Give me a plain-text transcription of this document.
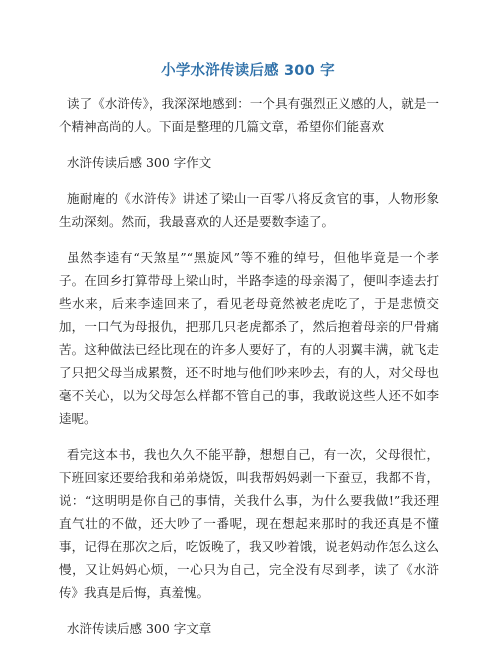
小学水浒传读后感 300 字

读了《水浒传》，我深深地感到：一个具有强烈正义感的人，就是一个精神高尚的人。下面是整理的几篇文章，希望你们能喜欢

水浒传读后感 300 字作文

施耐庵的《水浒传》讲述了梁山一百零八将反贪官的事，人物形象生动深刻。然而，我最喜欢的人还是要数李逵了。

虽然李逵有“天煞星”“黑旋风”等不雅的绰号，但他毕竟是一个孝子。在回乡打算带母上梁山时，半路李逵的母亲渴了，便叫李逵去打些水来，后来李逵回来了，看见老母竟然被老虎吃了，于是悲愤交加，一口气为母报仇，把那几只老虎都杀了，然后抱着母亲的尸骨痛苦。这种做法已经比现在的许多人要好了，有的人羽翼丰满，就飞走了只把父母当成累赘，还不时地与他们吵来吵去，有的人，对父母也毫不关心，以为父母怎么样都不管自己的事，我敢说这些人还不如李逵呢。

看完这本书，我也久久不能平静，想想自己，有一次，父母很忙，下班回家还要给我和弟弟烧饭，叫我帮妈妈剥一下蚕豆，我都不肯，说：“这明明是你自己的事情，关我什么事，为什么要我做!”我还理直气壮的不做，还大吵了一番呢，现在想起来那时的我还真是不懂事，记得在那次之后，吃饭晚了，我又吵着饿，说老妈动作怎么这么慢，又让妈妈心烦，一心只为自己，完全没有尽到孝，读了《水浒传》我真是后悔，真羞愧。

水浒传读后感 300 字文章
